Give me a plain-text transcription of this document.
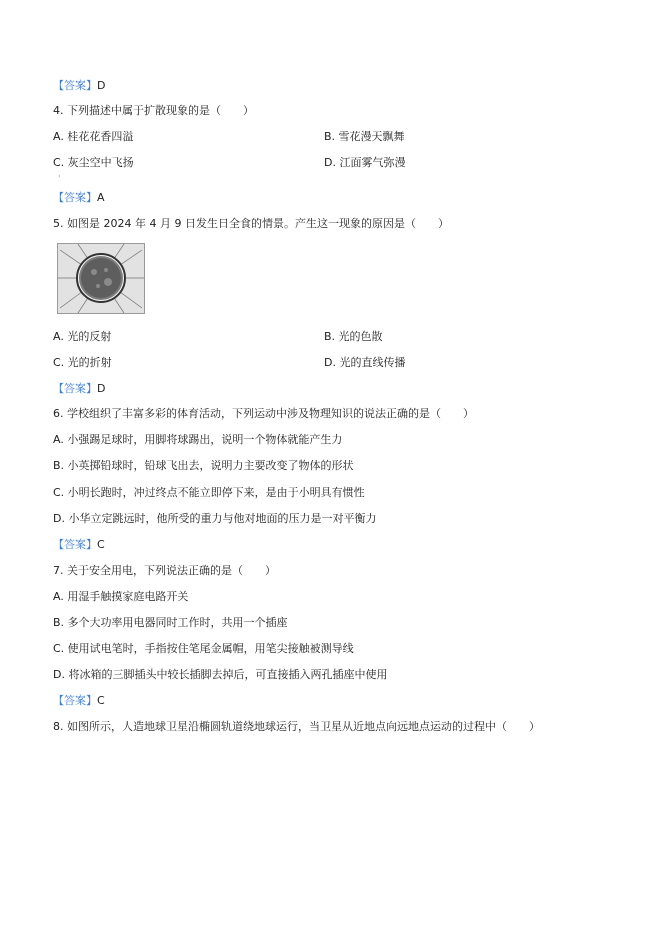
【答案】D
4. 下列描述中属于扩散现象的是（　　）
A. 桂花花香四溢	B. 雪花漫天飘舞
C. 灰尘空中飞扬	D. 江面雾气弥漫
·
【答案】A
5. 如图是 2024 年 4 月 9 日发生日全食的情景。产生这一现象的原因是（　　）
A. 光的反射	B. 光的色散
C. 光的折射	D. 光的直线传播
【答案】D
6. 学校组织了丰富多彩的体育活动，下列运动中涉及物理知识的说法正确的是（　　）
A. 小强踢足球时，用脚将球踢出，说明一个物体就能产生力
B. 小英掷铅球时，铅球飞出去，说明力主要改变了物体的形状
C. 小明长跑时，冲过终点不能立即停下来，是由于小明具有惯性
D. 小华立定跳远时，他所受的重力与他对地面的压力是一对平衡力
【答案】C
7. 关于安全用电，下列说法正确的是（　　）
A. 用湿手触摸家庭电路开关
B. 多个大功率用电器同时工作时，共用一个插座
C. 使用试电笔时，手指按住笔尾金属帽，用笔尖接触被测导线
D. 将冰箱的三脚插头中较长插脚去掉后，可直接插入两孔插座中使用
【答案】C
8. 如图所示，人造地球卫星沿椭圆轨道绕地球运行，当卫星从近地点向远地点运动的过程中（　　）
